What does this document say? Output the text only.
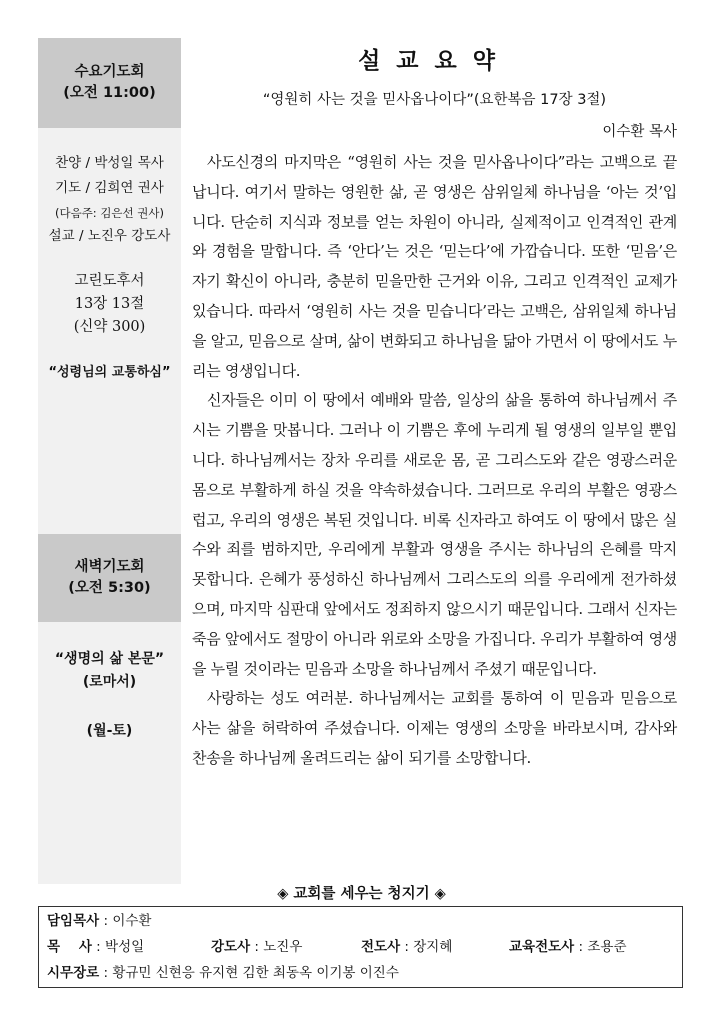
수요기도회
(오전 11:00)
찬양 / 박성일 목사
기도 / 김희연 권사
(다음주: 김은선 권사)
설교 / 노진우 강도사
고린도후서
13장 13절
(신약 300)
“성령님의 교통하심”
새벽기도회
(오전 5:30)
“생명의 삶 본문”
(로마서)
(월-토)
설교요약
“영원히 사는 것을 믿사옵나이다”(요한복음 17장 3절)
이수환 목사

사도신경의 마지막은 “영원히 사는 것을 믿사옵나이다”라는 고백으로 끝납니다. 여기서 말하는 영원한 삶, 곧 영생은 삼위일체 하나님을 ‘아는 것’입니다. 단순히 지식과 정보를 얻는 차원이 아니라, 실제적이고 인격적인 관계와 경험을 말합니다. 즉 ‘안다’는 것은 ‘믿는다’에 가깝습니다. 또한 ‘믿음’은 자기 확신이 아니라, 충분히 믿을만한 근거와 이유, 그리고 인격적인 교제가 있습니다. 따라서 ‘영원히 사는 것을 믿습니다’라는 고백은, 삼위일체 하나님을 알고, 믿음으로 살며, 삶이 변화되고 하나님을 닮아 가면서 이 땅에서도 누리는 영생입니다.

신자들은 이미 이 땅에서 예배와 말씀, 일상의 삶을 통하여 하나님께서 주시는 기쁨을 맛봅니다. 그러나 이 기쁨은 후에 누리게 될 영생의 일부일 뿐입니다. 하나님께서는 장차 우리를 새로운 몸, 곧 그리스도와 같은 영광스러운 몸으로 부활하게 하실 것을 약속하셨습니다. 그러므로 우리의 부활은 영광스럽고, 우리의 영생은 복된 것입니다. 비록 신자라고 하여도 이 땅에서 많은 실수와 죄를 범하지만, 우리에게 부활과 영생을 주시는 하나님의 은혜를 막지 못합니다. 은혜가 풍성하신 하나님께서 그리스도의 의를 우리에게 전가하셨으며, 마지막 심판대 앞에서도 정죄하지 않으시기 때문입니다. 그래서 신자는 죽음 앞에서도 절망이 아니라 위로와 소망을 가집니다. 우리가 부활하여 영생을 누릴 것이라는 믿음과 소망을 하나님께서 주셨기 때문입니다.

사랑하는 성도 여러분. 하나님께서는 교회를 통하여 이 믿음과 믿음으로 사는 삶을 허락하여 주셨습니다. 이제는 영생의 소망을 바라보시며, 감사와 찬송을 하나님께 올려드리는 삶이 되기를 소망합니다.

◈ 교회를 세우는 청지기 ◈
담임목사 : 이수환
목    사 : 박성일	강도사 : 노진우	전도사 : 장지혜	교육전도사 : 조용준
시무장로 : 황규민 신현응 유지현 김한 최동옥 이기봉 이진수
